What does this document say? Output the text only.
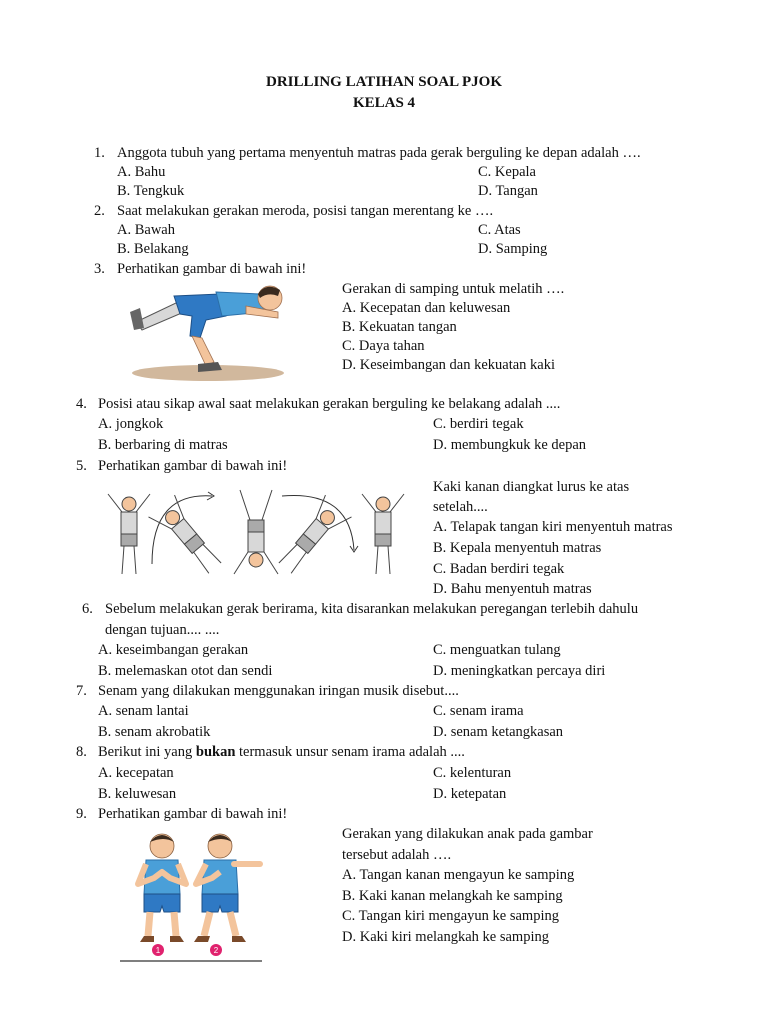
DRILLING LATIHAN SOAL PJOK
KELAS 4
1. Anggota tubuh yang pertama menyentuh matras pada gerak berguling ke depan adalah ….
A. Bahu
B. Tengkuk
C. Kepala
D. Tangan
2. Saat melakukan gerakan meroda, posisi tangan merentang ke ….
A. Bawah
B. Belakang
C. Atas
D. Samping
3. Perhatikan gambar di bawah ini!
Gerakan di samping untuk melatih ….
A. Kecepatan dan keluwesan
B. Kekuatan tangan
C. Daya tahan
D. Keseimbangan dan kekuatan kaki
4. Posisi atau sikap awal saat melakukan gerakan berguling ke belakang adalah ....
A. jongkok
B. berbaring di matras
C. berdiri tegak
D. membungkuk ke depan
5. Perhatikan gambar di bawah ini!
Kaki kanan diangkat lurus ke atas
setelah....
A. Telapak tangan kiri menyentuh matras
B. Kepala menyentuh matras
C. Badan berdiri tegak
D. Bahu menyentuh matras
6. Sebelum melakukan gerak berirama, kita disarankan melakukan peregangan terlebih dahulu
dengan tujuan.... ....
A. keseimbangan gerakan
B. melemaskan otot dan sendi
C. menguatkan tulang
D. meningkatkan percaya diri
7. Senam yang dilakukan menggunakan iringan musik disebut....
A. senam lantai
B. senam akrobatik
C. senam irama
D. senam ketangkasan
8. Berikut ini yang bukan termasuk unsur senam irama adalah ....
A. kecepatan
B. keluwesan
C. kelenturan
D. ketepatan
9. Perhatikan gambar di bawah ini!
1	2
Gerakan yang dilakukan anak pada gambar
tersebut adalah ….
A. Tangan kanan mengayun ke samping
B. Kaki kanan melangkah ke samping
C. Tangan kiri mengayun ke samping
D. Kaki kiri melangkah ke samping
